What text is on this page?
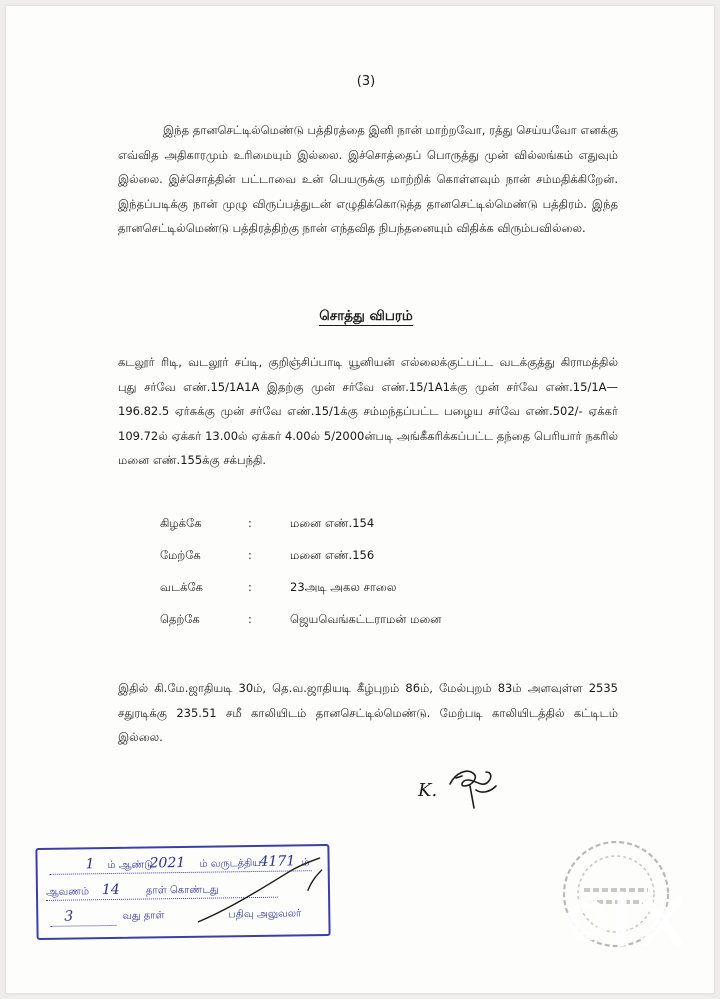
(3)
இந்த தானசெட்டில்மெண்டு பத்திரத்தை இனி நான் மாற்றவோ, ரத்து செய்யவோ எனக்கு எவ்வித அதிகாரமும் உரிமையும் இல்லை. இச்சொத்தைப் பொருத்து முன் வில்லங்கம் எதுவும் இல்லை. இச்சொத்தின் பட்டாவை உன் பெயருக்கு மாற்றிக் கொள்ளவும் நான் சம்மதிக்கிறேன். இந்தப்படிக்கு நான் முழு விருப்பத்துடன் எழுதிக்கொடுத்த தானசெட்டில்மெண்டு பத்திரம். இந்த தானசெட்டில்மெண்டு பத்திரத்திற்கு நான் எந்தவித நிபந்தனையும் விதிக்க விரும்பவில்லை.
சொத்து விபரம்
கடலூர் ரிடி, வடலூர் சப்டி, குறிஞ்சிப்பாடி யூனியன் எல்லைக்குட்பட்ட வடக்குத்து கிராமத்தில் புது சர்வே எண்.15/1A1A இதற்கு முன் சர்வே எண்.15/1A1க்கு முன் சர்வே எண்.15/1A—196.82.5 ஏர்சுக்கு முன் சர்வே எண்.15/1க்கு சம்மந்தப்பட்ட பழைய சர்வே எண்.502/- ஏக்கர் 109.72ல் ஏக்கர் 13.00ல் ஏக்கர் 4.00ல் 5/2000ன்படி அங்கீகரிக்கப்பட்ட தந்தை பெரியார் நகரில் மனை எண்.155க்கு சக்பந்தி.
கிழக்கே	:	மனை எண்.154
மேற்கே	:	மனை எண்.156
வடக்கே	:	23அடி அகல சாலை
தெற்கே	:	ஜெயவெங்கட்டராமன் மனை
இதில் கி.மே.ஜாதியடி 30ம், தெ.வ.ஜாதியடி கீழ்புறம் 86ம், மேல்புறம் 83ம் அளவுள்ள 2535 சதுரடிக்கு 235.51 சமீ காலியிடம் தானசெட்டில்மெண்டு. மேற்படி காலியிடத்தில் கட்டிடம் இல்லை.
K.
1 ம் ஆண்டு
2021 ம் வருடத்திய
4171 ம்
ஆவணம் 14	தாள் கொண்டது
3	வது தாள்	பதிவு அலுவலர்
